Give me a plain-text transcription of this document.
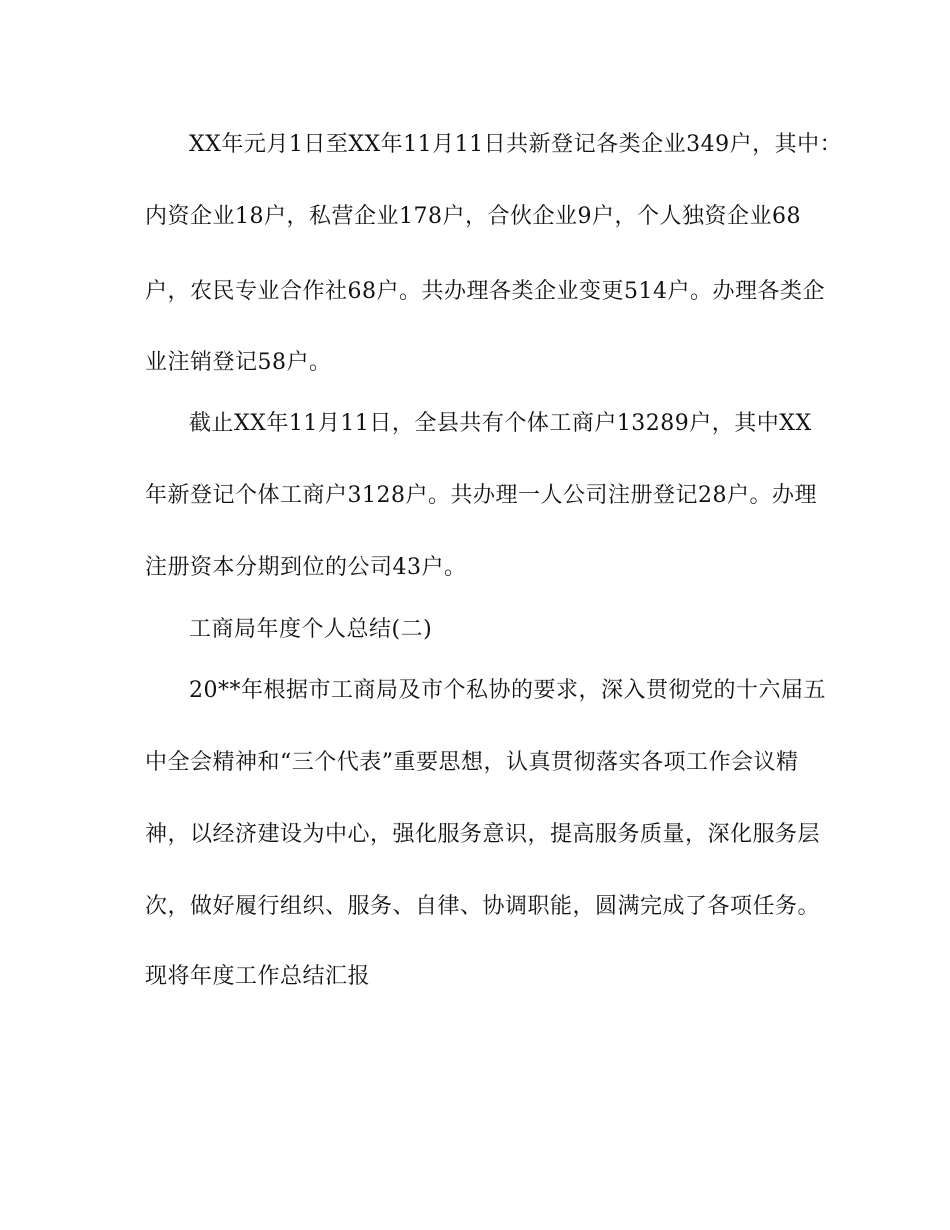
XX年元月1日至XX年11月11日共新登记各类企业349户，其中：
内资企业18户，私营企业178户，合伙企业9户，个人独资企业68
户，农民专业合作社68户。共办理各类企业变更514户。办理各类企
业注销登记58户。
截止XX年11月11日，全县共有个体工商户13289户，其中XX
年新登记个体工商户3128户。共办理一人公司注册登记28户。办理
注册资本分期到位的公司43户。
工商局年度个人总结(二)
20**年根据市工商局及市个私协的要求，深入贯彻党的十六届五
中全会精神和“三个代表”重要思想，认真贯彻落实各项工作会议精
神，以经济建设为中心，强化服务意识，提高服务质量，深化服务层
次，做好履行组织、服务、自律、协调职能，圆满完成了各项任务。
现将年度工作总结汇报
